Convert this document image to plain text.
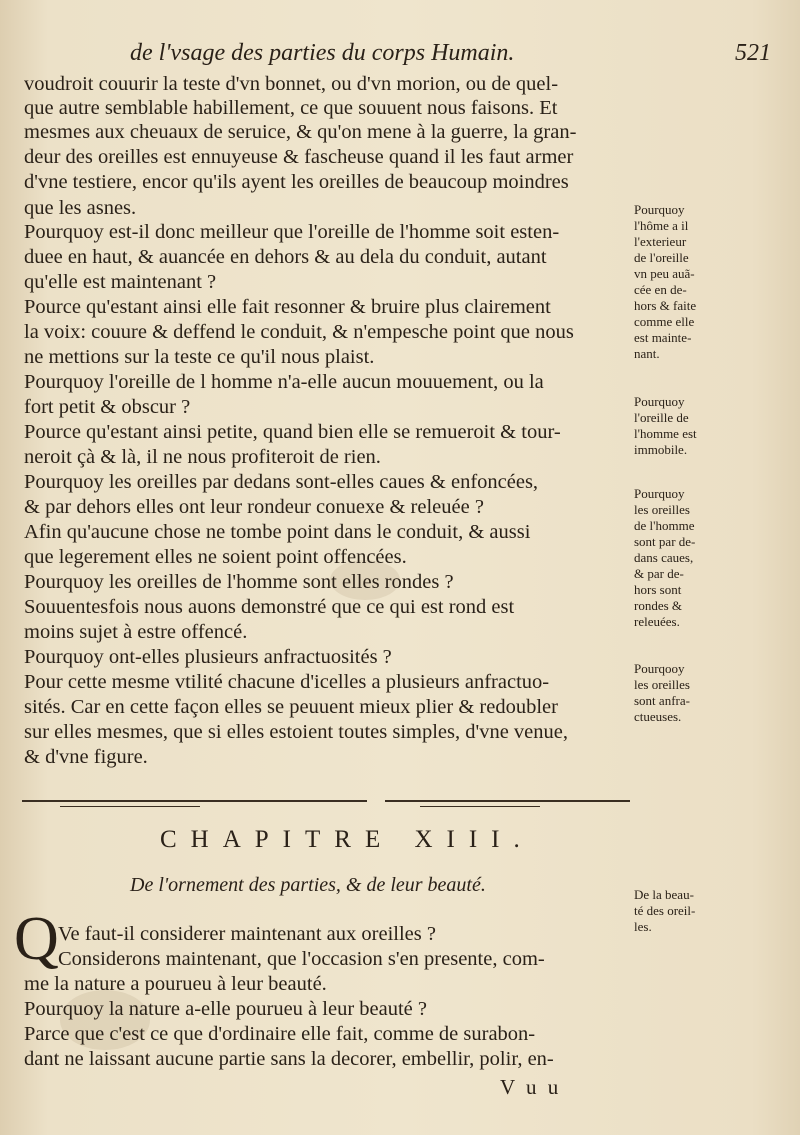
de l'vsage des parties du corps Humain.	521
voudroit couurir la teste d'vn bonnet, ou d'vn morion, ou de quel-
que autre semblable habillement, ce que souuent nous faisons. Et
mesmes aux cheuaux de seruice, & qu'on mene à la guerre, la gran-
deur des oreilles est ennuyeuse & fascheuse quand il les faut armer
d'vne testiere, encor qu'ils ayent les oreilles de beaucoup moindres
que les asnes.
Pourquoy est-il donc meilleur que l'oreille de l'homme soit esten-
duee en haut, & auancée en dehors & au dela du conduit, autant
qu'elle est maintenant ?
Pource qu'estant ainsi elle fait resonner & bruire plus clairement
la voix: couure & deffend le conduit, & n'empesche point que nous
ne mettions sur la teste ce qu'il nous plaist.
Pourquoy l'oreille de l homme n'a-elle aucun mouuement, ou la
fort petit & obscur ?
Pource qu'estant ainsi petite, quand bien elle se remueroit & tour-
neroit çà & là, il ne nous profiteroit de rien.
Pourquoy les oreilles par dedans sont-elles caues & enfoncées,
& par dehors elles ont leur rondeur conuexe & releuée ?
Afin qu'aucune chose ne tombe point dans le conduit, & aussi
que legerement elles ne soient point offencées.
Pourquoy les oreilles de l'homme sont elles rondes ?
Souuentesfois nous auons demonstré que ce qui est rond est
moins sujet à estre offencé.
Pourquoy ont-elles plusieurs anfractuosités ?
Pour cette mesme vtilité chacune d'icelles a plusieurs anfractuo-
sités. Car en cette façon elles se peuuent mieux plier & redoubler
sur elles mesmes, que si elles estoient toutes simples, d'vne venue,
& d'vne figure.
Pourquoy
l'hôme a il
l'exterieur
de l'oreille
vn peu auã-
cée en de-
hors & faite
comme elle
est mainte-
nant.
Pourquoy
l'oreille de
l'homme est
immobile.
Pourquoy
les oreilles
de l'homme
sont par de-
dans caues,
& par de-
hors sont
rondes &
releuées.
Pourqooy
les oreilles
sont anfra-
ctueuses.
De la beau-
té des oreil-
les.
CHAPITRE XIII.
De l'ornement des parties, & de leur beauté.
Q Ve faut-il considerer maintenant aux oreilles ?
Considerons maintenant, que l'occasion s'en presente, com-
me la nature a pourueu à leur beauté.
Pourquoy la nature a-elle pourueu à leur beauté ?
Parce que c'est ce que d'ordinaire elle fait, comme de surabon-
dant ne laissant aucune partie sans la decorer, embellir, polir, en-
V u u
